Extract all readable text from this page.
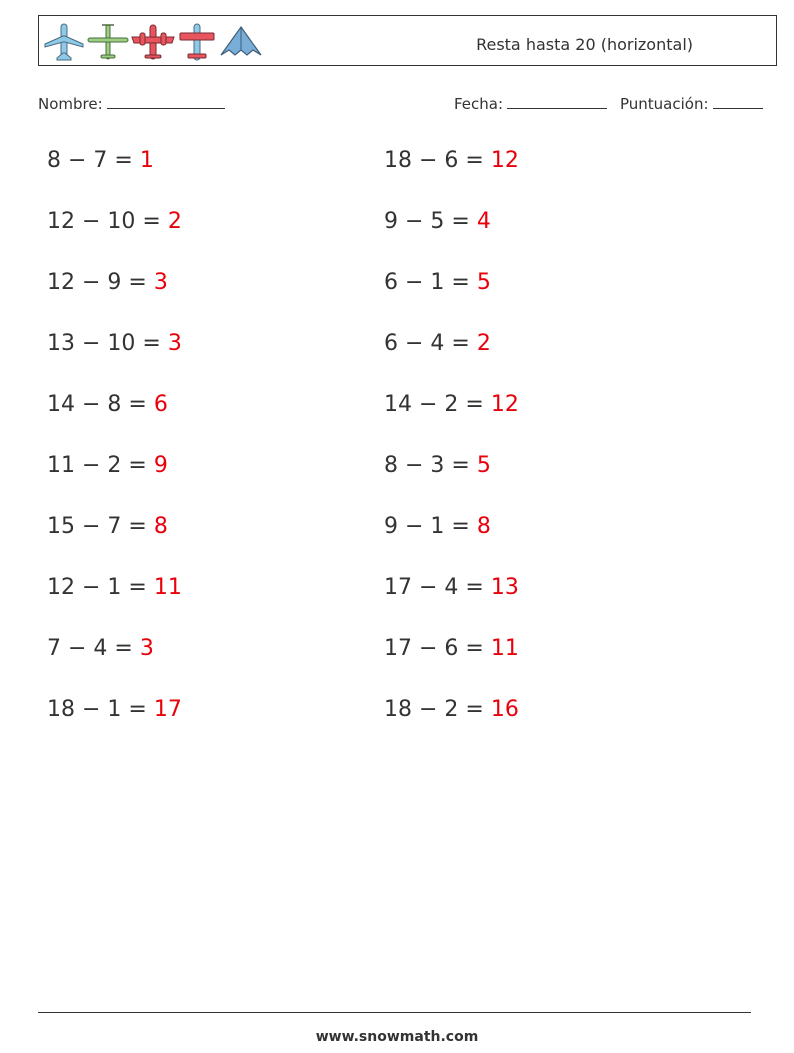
Resta hasta 20 (horizontal)
Nombre:	Fecha:	Puntuación:
8 − 7 = 1
12 − 10 = 2
12 − 9 = 3
13 − 10 = 3
14 − 8 = 6
11 − 2 = 9
15 − 7 = 8
12 − 1 = 11
7 − 4 = 3
18 − 1 = 17
18 − 6 = 12
9 − 5 = 4
6 − 1 = 5
6 − 4 = 2
14 − 2 = 12
8 − 3 = 5
9 − 1 = 8
17 − 4 = 13
17 − 6 = 11
18 − 2 = 16
www.snowmath.com
